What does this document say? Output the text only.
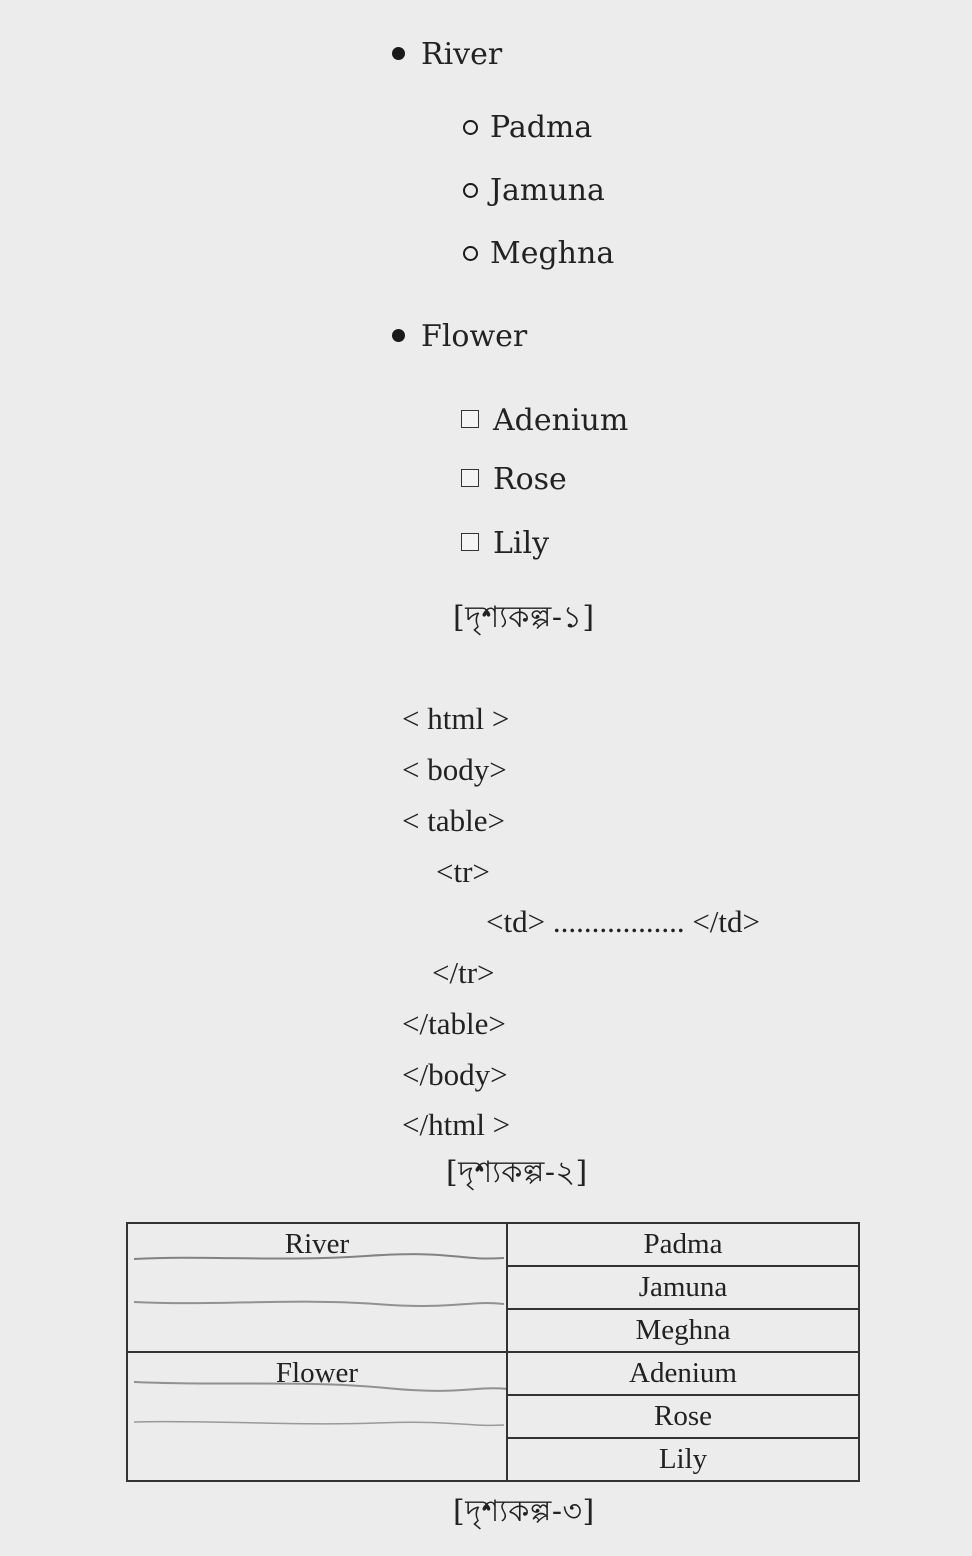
River
Padma
Jamuna
Meghna
Flower
Adenium
Rose
Lily
[দৃশ্যকল্প-১]
< html >
< body>
< table>
<tr>
<td> ................. </td>
</tr>
</table>
</body>
</html >
[দৃশ্যকল্প-২]
River	Padma
	Jamuna
	Meghna
Flower	Adenium
	Rose
	Lily
[দৃশ্যকল্প-৩]
